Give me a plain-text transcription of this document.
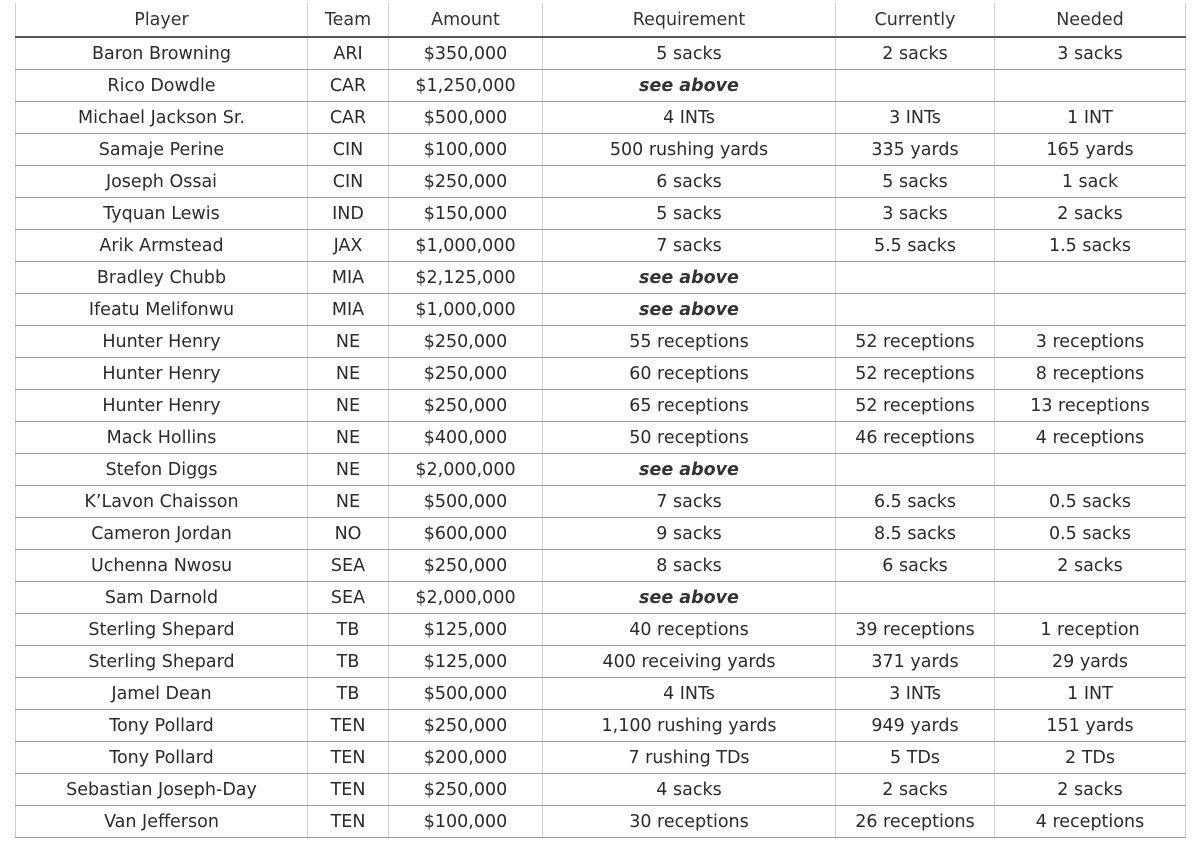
Player	Team	Amount	Requirement	Currently	Needed
Baron Browning	ARI	$350,000	5 sacks	2 sacks	3 sacks
Rico Dowdle	CAR	$1,250,000	see above		
Michael Jackson Sr.	CAR	$500,000	4 INTs	3 INTs	1 INT
Samaje Perine	CIN	$100,000	500 rushing yards	335 yards	165 yards
Joseph Ossai	CIN	$250,000	6 sacks	5 sacks	1 sack
Tyquan Lewis	IND	$150,000	5 sacks	3 sacks	2 sacks
Arik Armstead	JAX	$1,000,000	7 sacks	5.5 sacks	1.5 sacks
Bradley Chubb	MIA	$2,125,000	see above		
Ifeatu Melifonwu	MIA	$1,000,000	see above		
Hunter Henry	NE	$250,000	55 receptions	52 receptions	3 receptions
Hunter Henry	NE	$250,000	60 receptions	52 receptions	8 receptions
Hunter Henry	NE	$250,000	65 receptions	52 receptions	13 receptions
Mack Hollins	NE	$400,000	50 receptions	46 receptions	4 receptions
Stefon Diggs	NE	$2,000,000	see above		
K’Lavon Chaisson	NE	$500,000	7 sacks	6.5 sacks	0.5 sacks
Cameron Jordan	NO	$600,000	9 sacks	8.5 sacks	0.5 sacks
Uchenna Nwosu	SEA	$250,000	8 sacks	6 sacks	2 sacks
Sam Darnold	SEA	$2,000,000	see above		
Sterling Shepard	TB	$125,000	40 receptions	39 receptions	1 reception
Sterling Shepard	TB	$125,000	400 receiving yards	371 yards	29 yards
Jamel Dean	TB	$500,000	4 INTs	3 INTs	1 INT
Tony Pollard	TEN	$250,000	1,100 rushing yards	949 yards	151 yards
Tony Pollard	TEN	$200,000	7 rushing TDs	5 TDs	2 TDs
Sebastian Joseph-Day	TEN	$250,000	4 sacks	2 sacks	2 sacks
Van Jefferson	TEN	$100,000	30 receptions	26 receptions	4 receptions
